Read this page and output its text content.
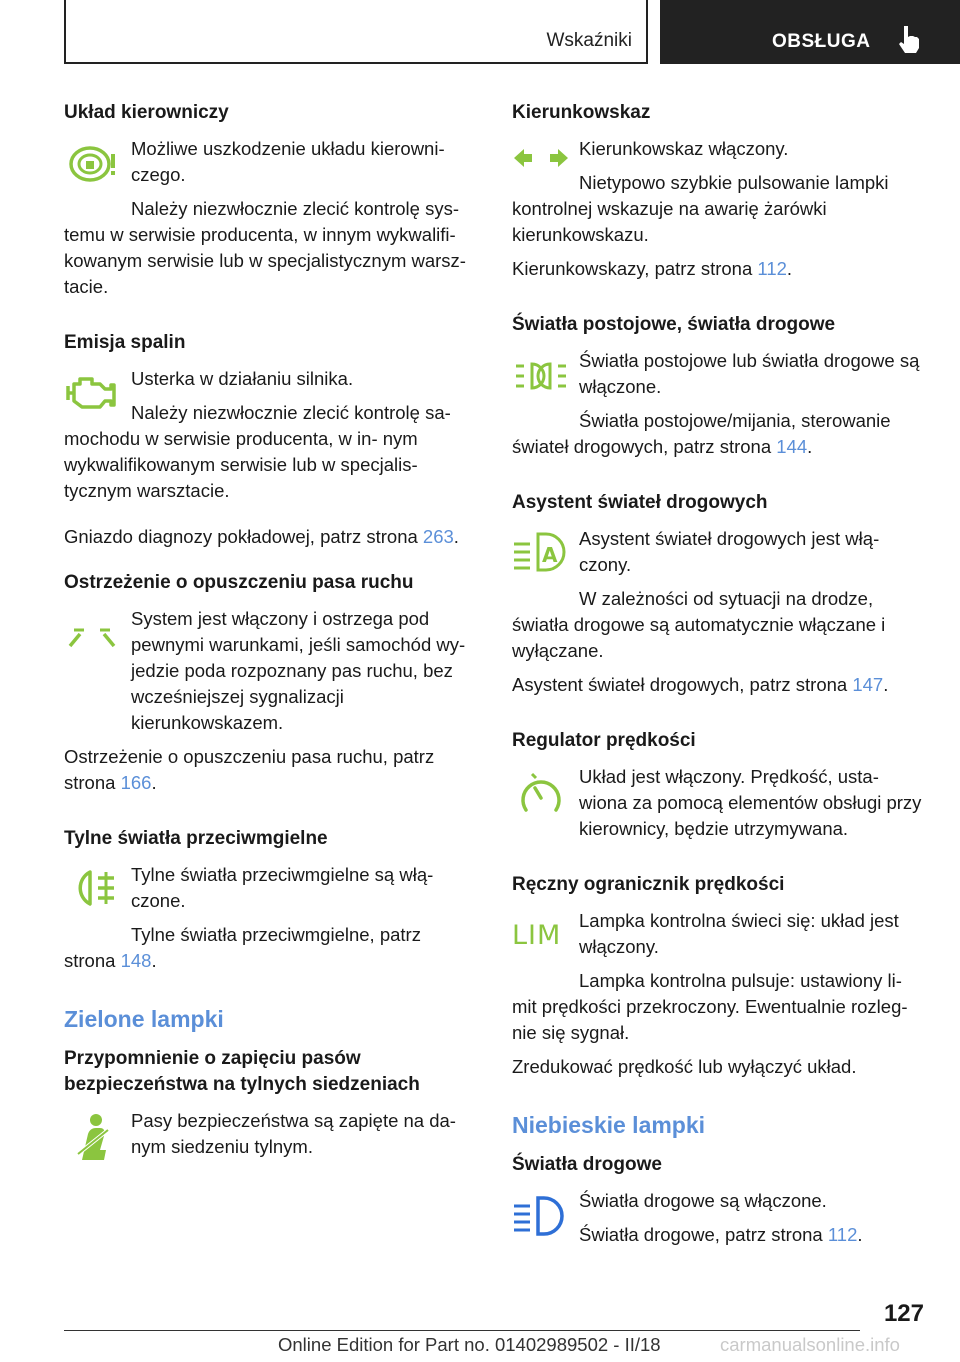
Wskaźniki	OBSŁUGA
Układ kierowniczy

Możliwe uszkodzenie układu kierowni- czego.

Należy niezwłocznie zlecić kontrolę sys- temu w serwisie producenta, w innym wykwalifi- kowanym serwisie lub w specjalistycznym warsz- tacie.

Emisja spalin

Usterka w działaniu silnika.

Należy niezwłocznie zlecić kontrolę sa- mochodu w serwisie producenta, w in- nym wykwalifikowanym serwisie lub w specjalis- tycznym warsztacie.

Gniazdo diagnozy pokładowej, patrz strona 263.

Ostrzeżenie o opuszczeniu pasa ruchu

System jest włączony i ostrzega pod pewnymi warunkami, jeśli samochód wy- jedzie poda rozpoznany pas ruchu, bez wcześniejszej sygnalizacji kierunkowskazem.

Ostrzeżenie o opuszczeniu pasa ruchu, patrz strona 166.

Tylne światła przeciwmgielne

Tylne światła przeciwmgielne są włą- czone.

Tylne światła przeciwmgielne, patrz strona 148.

Zielone lampki
Przypomnienie o zapięciu pasów bezpieczeństwa na tylnych siedzeniach

Pasy bezpieczeństwa są zapięte na da- nym siedzeniu tylnym.

Kierunkowskaz

Kierunkowskaz włączony.

Nietypowo szybkie pulsowanie lampki kontrolnej wskazuje na awarię żarówki kierunkowskazu.

Kierunkowskazy, patrz strona 112.

Światła postojowe, światła drogowe

Światła postojowe lub światła drogowe są włączone.

Światła postojowe/mijania, sterowanie świateł drogowych, patrz strona 144.

Asystent świateł drogowych
A

Asystent świateł drogowych jest włą- czony.

W zależności od sytuacji na drodze, światła drogowe są automatycznie włączane i wyłączane.

Asystent świateł drogowych, patrz strona 147.

Regulator prędkości

Układ jest włączony. Prędkość, usta- wiona za pomocą elementów obsługi przy kierownicy, będzie utrzymywana.

Ręczny ogranicznik prędkości
LIM Lampka kontrolna świeci się: układ jest włączony.

Lampka kontrolna pulsuje: ustawiony li- mit prędkości przekroczony. Ewentualnie rozleg- nie się sygnał.

Zredukować prędkość lub wyłączyć układ.

Niebieskie lampki
Światła drogowe

Światła drogowe są włączone.

Światła drogowe, patrz strona 112.

127
Online Edition for Part no. 01402989502 - II/18	carmanualsonline.info
